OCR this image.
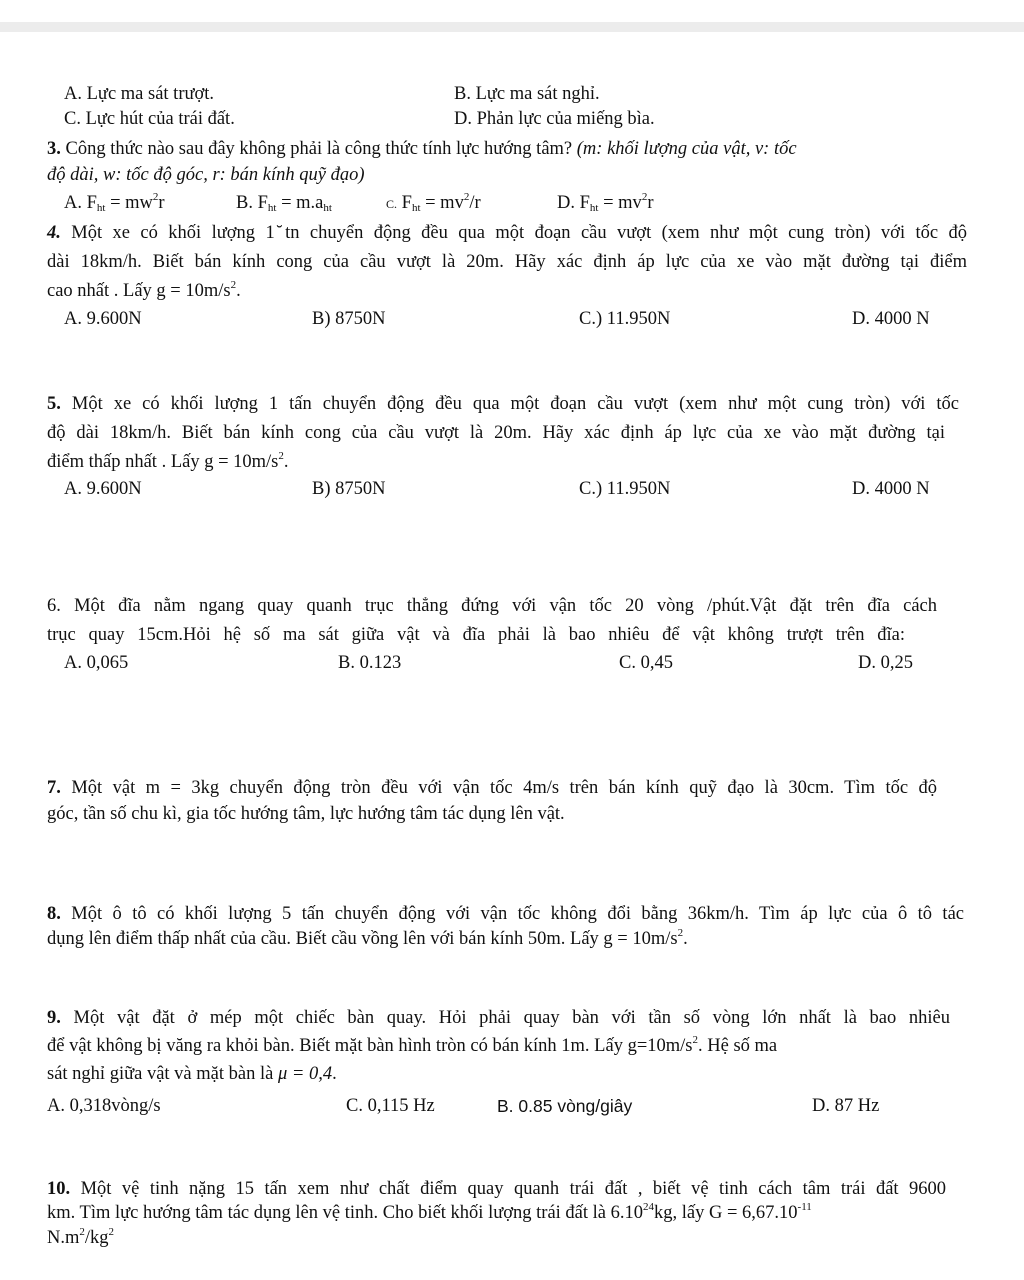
A. Lực ma sát trượt.	B. Lực ma sát nghỉ.
C. Lực hút của trái đất.	D. Phản lực của miếng bìa.
3. Công thức nào sau đây không phải là công thức tính lực hướng tâm? (m: khối lượng của vật, v: tốc
độ dài, w: tốc độ góc, r: bán kính quỹ đạo)
A. $F_{ht} = mw^2r$	B. $F_{ht} = m.a_{ht}$	C. $F_{ht} = mv^2/r$	D. $F_{ht} = mv^2r$
4. Một xe có khối lượng 1 ̆tn chuyển động đều qua một đoạn cầu vượt (xem như một cung tròn) với tốc độ
dài 18km/h. Biết bán kính cong của cầu vượt là 20m. Hãy xác định áp lực của xe vào mặt đường tại điểm
cao nhất . Lấy $g = 10m/s^2$.
A. 9.600N	B) 8750N	C.) 11.950N	D. 4000 N
5. Một xe có khối lượng 1 tấn chuyển động đều qua một đoạn cầu vượt (xem như một cung tròn) với tốc
độ dài 18km/h. Biết bán kính cong của cầu vượt là 20m. Hãy xác định áp lực của xe vào mặt đường tại
điểm thấp nhất . Lấy $g = 10m/s^2$.
A. 9.600N	B) 8750N	C.) 11.950N	D. 4000 N
6. Một đĩa nằm ngang quay quanh trục thẳng đứng với vận tốc 20 vòng /phút.Vật đặt trên đĩa cách
trục quay 15cm.Hỏi hệ số ma sát giữa vật và đĩa phải là bao nhiêu để vật không trượt trên đĩa:
A. 0,065	B. 0.123	C. 0,45	D. 0,25
7. Một vật m = 3kg chuyển động tròn đều với vận tốc 4m/s trên bán kính quỹ đạo là 30cm. Tìm tốc độ
góc, tần số chu kì, gia tốc hướng tâm, lực hướng tâm tác dụng lên vật.
8. Một ô tô có khối lượng 5 tấn chuyển động với vận tốc không đổi bằng 36km/h. Tìm áp lực của ô tô tác
dụng lên điểm thấp nhất của cầu. Biết cầu vồng lên với bán kính 50m. Lấy $g = 10m/s^2$.
9. Một vật đặt ở mép một chiếc bàn quay. Hỏi phải quay bàn với tần số vòng lớn nhất là bao nhiêu
để vật không bị văng ra khỏi bàn. Biết mặt bàn hình tròn có bán kính 1m. Lấy $g=10m/s^2$. Hệ số ma
sát nghỉ giữa vật và mặt bàn là μ = 0,4.
A. 0,318vòng/s	C. 0,115 Hz	B. 0.85 vòng/giây	D. 87 Hz
10. Một vệ tinh nặng 15 tấn xem như chất điểm quay quanh trái đất , biết vệ tinh cách tâm trái đất 9600
km. Tìm lực hướng tâm tác dụng lên vệ tinh. Cho biết khối lượng trái đất là 6.10$^{24}$kg, lấy $G = 6,67.10^{-11}$
$N.m^2/kg^2$
